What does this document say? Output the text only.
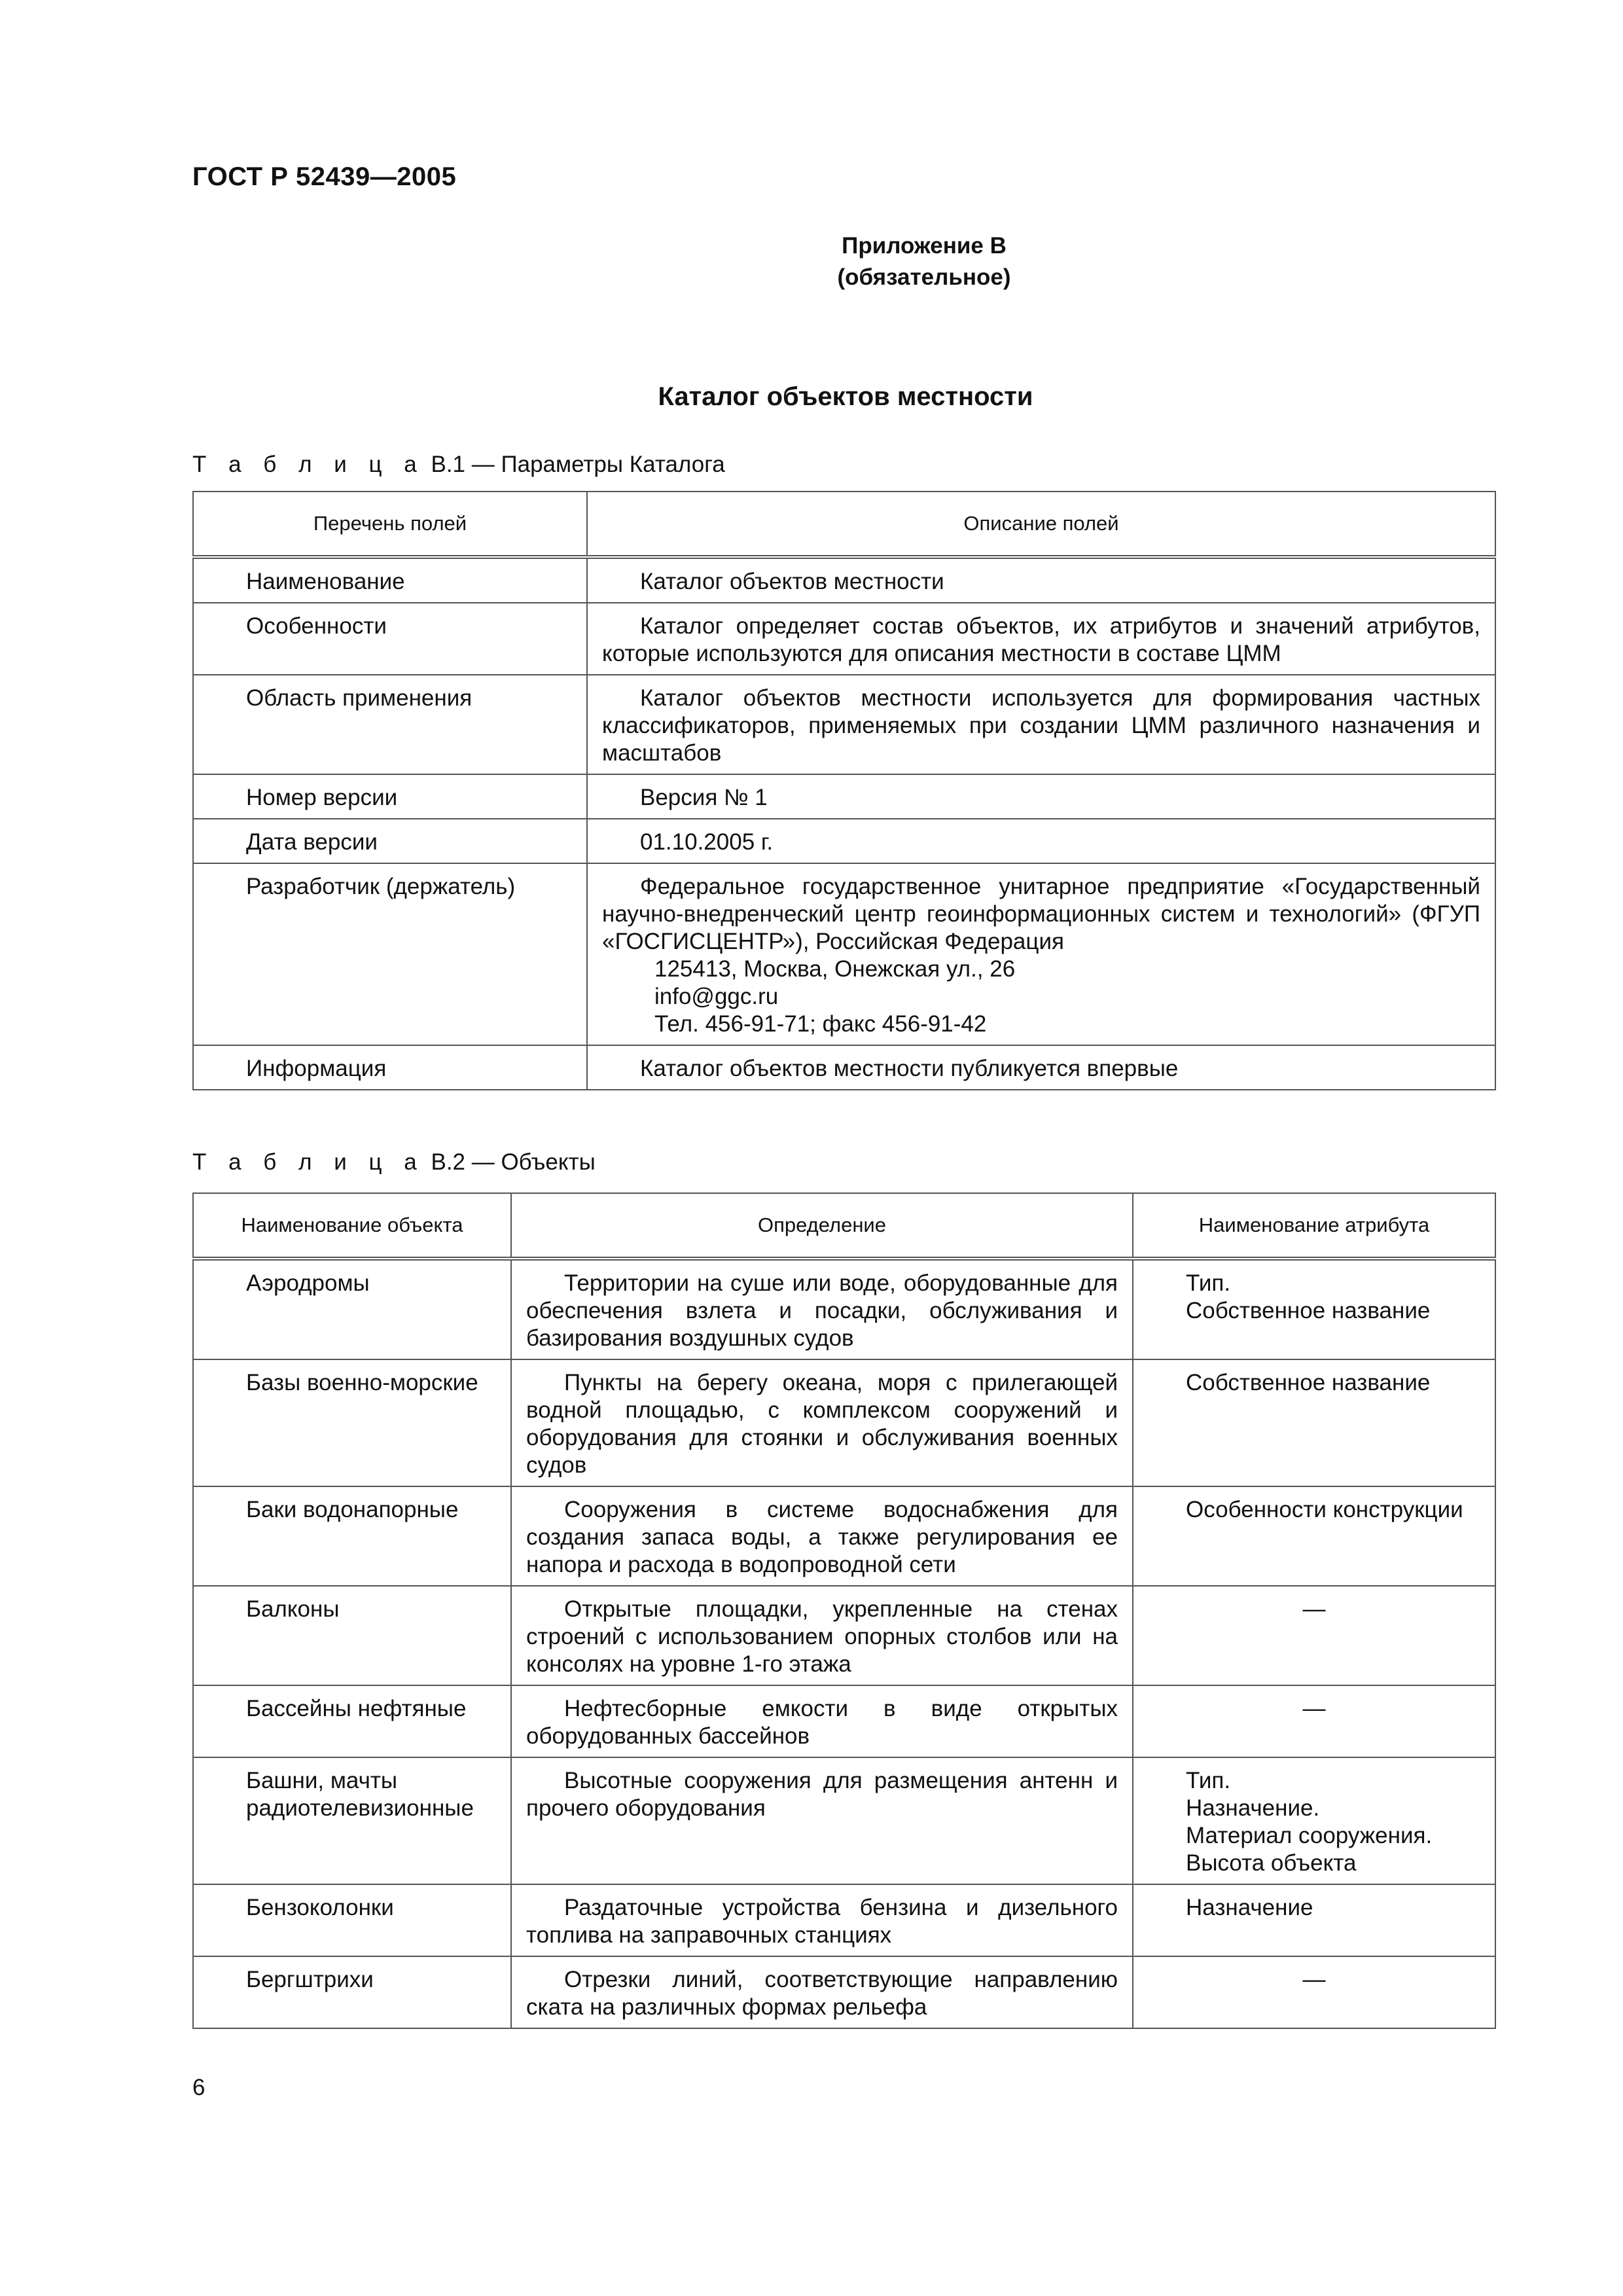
ГОСТ Р 52439—2005
Приложение В
(обязательное)
Каталог объектов местности
Т а б л и ц а В.1 — Параметры Каталога
Перечень полей	Описание полей
Наименование	Каталог объектов местности

Особенности	Каталог определяет состав объектов, их атрибутов и значений атрибутов, которые используются для описания местности в составе ЦММ

Область применения	Каталог объектов местности используется для формирования частных классификаторов, применяемых при создании ЦММ различного назначения и масштабов

Номер версии	Версия № 1

Дата версии	01.10.2005 г.

Разработчик (держатель)	Федеральное государственное унитарное предприятие «Государственный научно-внедренческий центр геоинформационных систем и технологий» (ФГУП «ГОСГИСЦЕНТР»), Российская Федерация
125413, Москва, Онежская ул., 26
info@ggc.ru
Тел. 456-91-71; факс 456-91-42

Информация	Каталог объектов местности публикуется впервые
Т а б л и ц а В.2 — Объекты
Наименование объекта	Определение	Наименование атрибута

Аэродромы	Территории на суше или воде, оборудованные для обеспечения взлета и посадки, обслуживания и базирования воздушных судов	Тип.
Собственное название

Базы военно-морские	Пункты на берегу океана, моря с прилегающей водной площадью, с комплексом сооружений и оборудования для стоянки и обслуживания военных судов	Собственное название

Баки водонапорные	Сооружения в системе водоснабжения для создания запаса воды, а также регулирования ее напора и расхода в водопроводной сети	Особенности конструкции

Балконы	Открытые площадки, укрепленные на стенах строений с использованием опорных столбов или на консолях на уровне 1-го этажа	—

Бассейны нефтяные	Нефтесборные емкости в виде открытых оборудованных бассейнов	—

Башни, мачты радиотелевизионные	Высотные сооружения для размещения антенн и прочего оборудования	Тип.
Назначение.
Материал сооружения.
Высота объекта

Бензоколонки	Раздаточные устройства бензина и дизельного топлива на заправочных станциях	Назначение

Бергштрихи	Отрезки линий, соответствующие направлению ската на различных формах рельефа	—
6
